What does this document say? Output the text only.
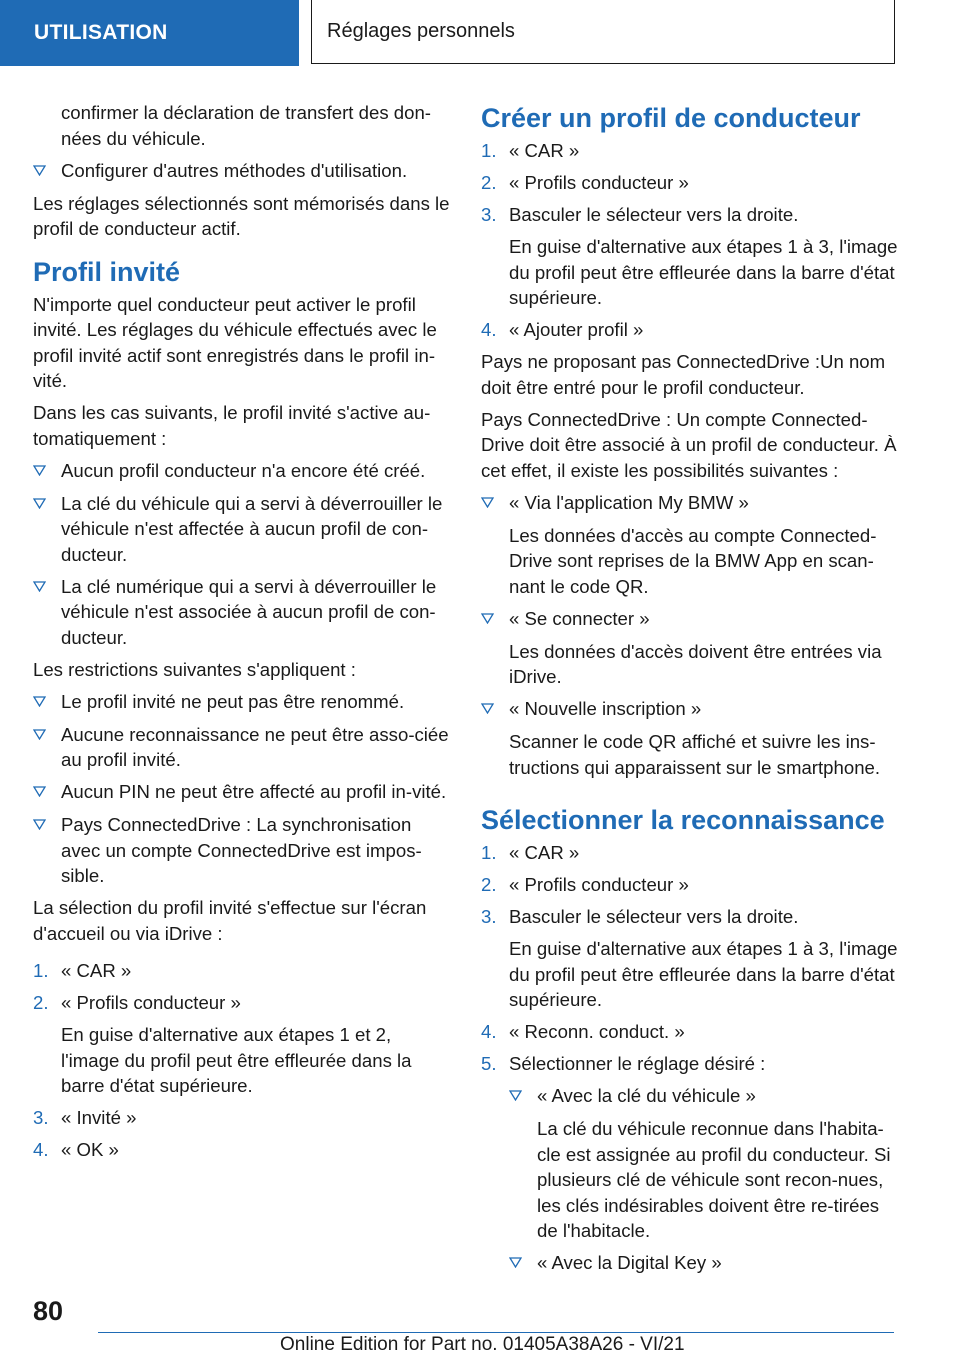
UTILISATION	Réglages personnels

confirmer la déclaration de transfert des don-nées du véhicule.

Configurer d'autres méthodes d'utilisation.

Les réglages sélectionnés sont mémorisés dans le profil de conducteur actif.

Profil invité

N'importe quel conducteur peut activer le profil invité. Les réglages du véhicule effectués avec le profil invité actif sont enregistrés dans le profil in-vité.

Dans les cas suivants, le profil invité s'active au-tomatiquement :

Aucun profil conducteur n'a encore été créé.
La clé du véhicule qui a servi à déverrouiller le véhicule n'est affectée à aucun profil de con-ducteur.
La clé numérique qui a servi à déverrouiller le véhicule n'est associée à aucun profil de con-ducteur.

Les restrictions suivantes s'appliquent :

Le profil invité ne peut pas être renommé.
Aucune reconnaissance ne peut être asso-ciée au profil invité.
Aucun PIN ne peut être affecté au profil in-vité.
Pays ConnectedDrive : La synchronisation avec un compte ConnectedDrive est impos-sible.

La sélection du profil invité s'effectue sur l'écran d'accueil ou via iDrive :

1. « CAR »
2. « Profils conducteur »

En guise d'alternative aux étapes 1 et 2, l'image du profil peut être effleurée dans la barre d'état supérieure.

3. « Invité »
4. « OK »
Créer un profil de conducteur
1. « CAR »
2. « Profils conducteur »
3. Basculer le sélecteur vers la droite.

En guise d'alternative aux étapes 1 à 3, l'image du profil peut être effleurée dans la barre d'état supérieure.

4. « Ajouter profil »

Pays ne proposant pas ConnectedDrive :Un nom doit être entré pour le profil conducteur.

Pays ConnectedDrive : Un compte Connected-Drive doit être associé à un profil de conducteur. À cet effet, il existe les possibilités suivantes :

« Via l'application My BMW »

Les données d'accès au compte Connected-Drive sont reprises de la BMW App en scan-nant le code QR.

« Se connecter »

Les données d'accès doivent être entrées via iDrive.

« Nouvelle inscription »

Scanner le code QR affiché et suivre les ins-tructions qui apparaissent sur le smartphone.

Sélectionner la reconnaissance
1. « CAR »
2. « Profils conducteur »
3. Basculer le sélecteur vers la droite.

En guise d'alternative aux étapes 1 à 3, l'image du profil peut être effleurée dans la barre d'état supérieure.

4. « Reconn. conduct. »
5. Sélectionner le réglage désiré :
« Avec la clé du véhicule »

La clé du véhicule reconnue dans l'habita-cle est assignée au profil du conducteur. Si plusieurs clé de véhicule sont recon-nues, les clés indésirables doivent être re-tirées de l'habitacle.

« Avec la Digital Key »
80
Online Edition for Part no. 01405A38A26 - VI/21
